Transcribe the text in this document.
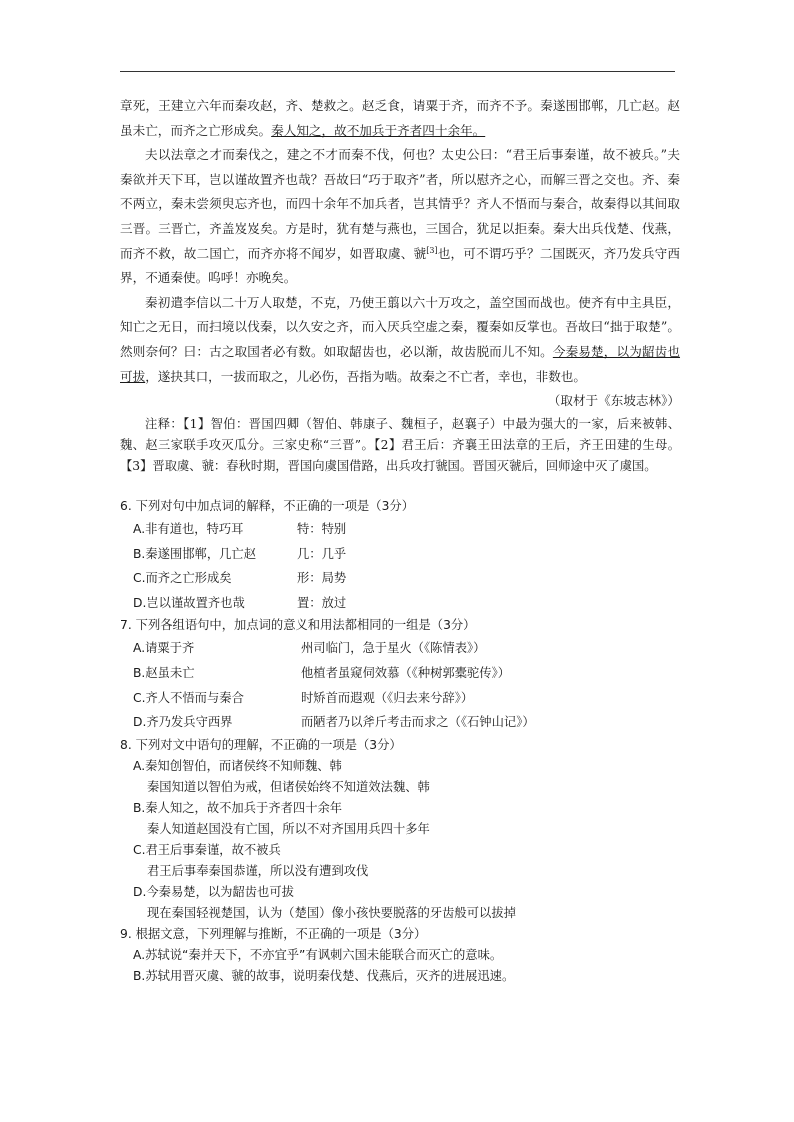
章死，王建立六年而秦攻赵，齐、楚救之。赵乏食，请粟于齐，而齐不予。秦遂围邯郸，几亡赵。赵虽未亡，而齐之亡形成矣。秦人知之，故不加兵于齐者四十余年。

夫以法章之才而秦伐之，建之不才而秦不伐，何也？太史公曰：“君王后事秦谨，故不被兵。”夫秦欲并天下耳，岂以谨故置齐也哉？吾故曰“巧于取齐”者，所以慰齐之心，而解三晋之交也。齐、秦不两立，秦未尝须臾忘齐也，而四十余年不加兵者，岂其情乎？齐人不悟而与秦合，故秦得以其间取三晋。三晋亡，齐盖岌岌矣。方是时，犹有楚与燕也，三国合，犹足以拒秦。秦大出兵伐楚、伐燕，而齐不救，故二国亡，而齐亦将不闻岁，如晋取虞、虢[3]也，可不谓巧乎？二国既灭，齐乃发兵守西界，不通秦使。呜呼！亦晚矣。

秦初遣李信以二十万人取楚，不克，乃使王翦以六十万攻之，盖空国而战也。使齐有中主具臣，知亡之无日，而扫境以伐秦，以久安之齐，而入厌兵空虚之秦，覆秦如反掌也。吾故曰“拙于取楚”。然则奈何？曰：古之取国者必有数。如取龆齿也，必以渐，故齿脱而儿不知。今秦易楚，以为龆齿也可拔，遂抉其口，一拔而取之，儿必伤，吾指为啮。故秦之不亡者，幸也，非数也。

（取材于《东坡志林》）

注释：【1】智伯：晋国四卿（智伯、韩康子、魏桓子，赵襄子）中最为强大的一家，后来被韩、魏、赵三家联手攻灭瓜分。三家史称“三晋”。【2】君王后：齐襄王田法章的王后，齐王田建的生母。【3】晋取虞、虢：春秋时期，晋国向虞国借路，出兵攻打虢国。晋国灭虢后，回师途中灭了虞国。

6. 下列对句中加点词的解释，不正确的一项是（3分）

A.非有道也，特巧耳	特：特别
B.秦遂围邯郸，几亡赵	几：几乎
C.而齐之亡形成矣	形：局势
D.岂以谨故置齐也哉	置：放过

7. 下列各组语句中，加点词的意义和用法都相同的一组是（3分）

A.请粟于齐	州司临门，急于星火（《陈情表》）
B.赵虽未亡	他植者虽窥伺效慕（《种树郭橐驼传》）
C.齐人不悟而与秦合	时矫首而遐观（《归去来兮辞》）
D.齐乃发兵守西界	而陋者乃以斧斤考击而求之（《石钟山记》）

8. 下列对文中语句的理解，不正确的一项是（3分）

A.秦知创智伯，而诸侯终不知师魏、韩
秦国知道以智伯为戒，但诸侯始终不知道效法魏、韩
B.秦人知之，故不加兵于齐者四十余年
秦人知道赵国没有亡国，所以不对齐国用兵四十多年
C.君王后事秦谨，故不被兵
君王后事奉秦国恭谨，所以没有遭到攻伐
D.今秦易楚，以为龆齿也可拔
现在秦国轻视楚国，认为（楚国）像小孩快要脱落的牙齿般可以拔掉

9. 根据文意，下列理解与推断，不正确的一项是（3分）

A.苏轼说“秦并天下，不亦宜乎”有讽刺六国未能联合而灭亡的意味。
B.苏轼用晋灭虞、虢的故事，说明秦伐楚、伐燕后，灭齐的进展迅速。
